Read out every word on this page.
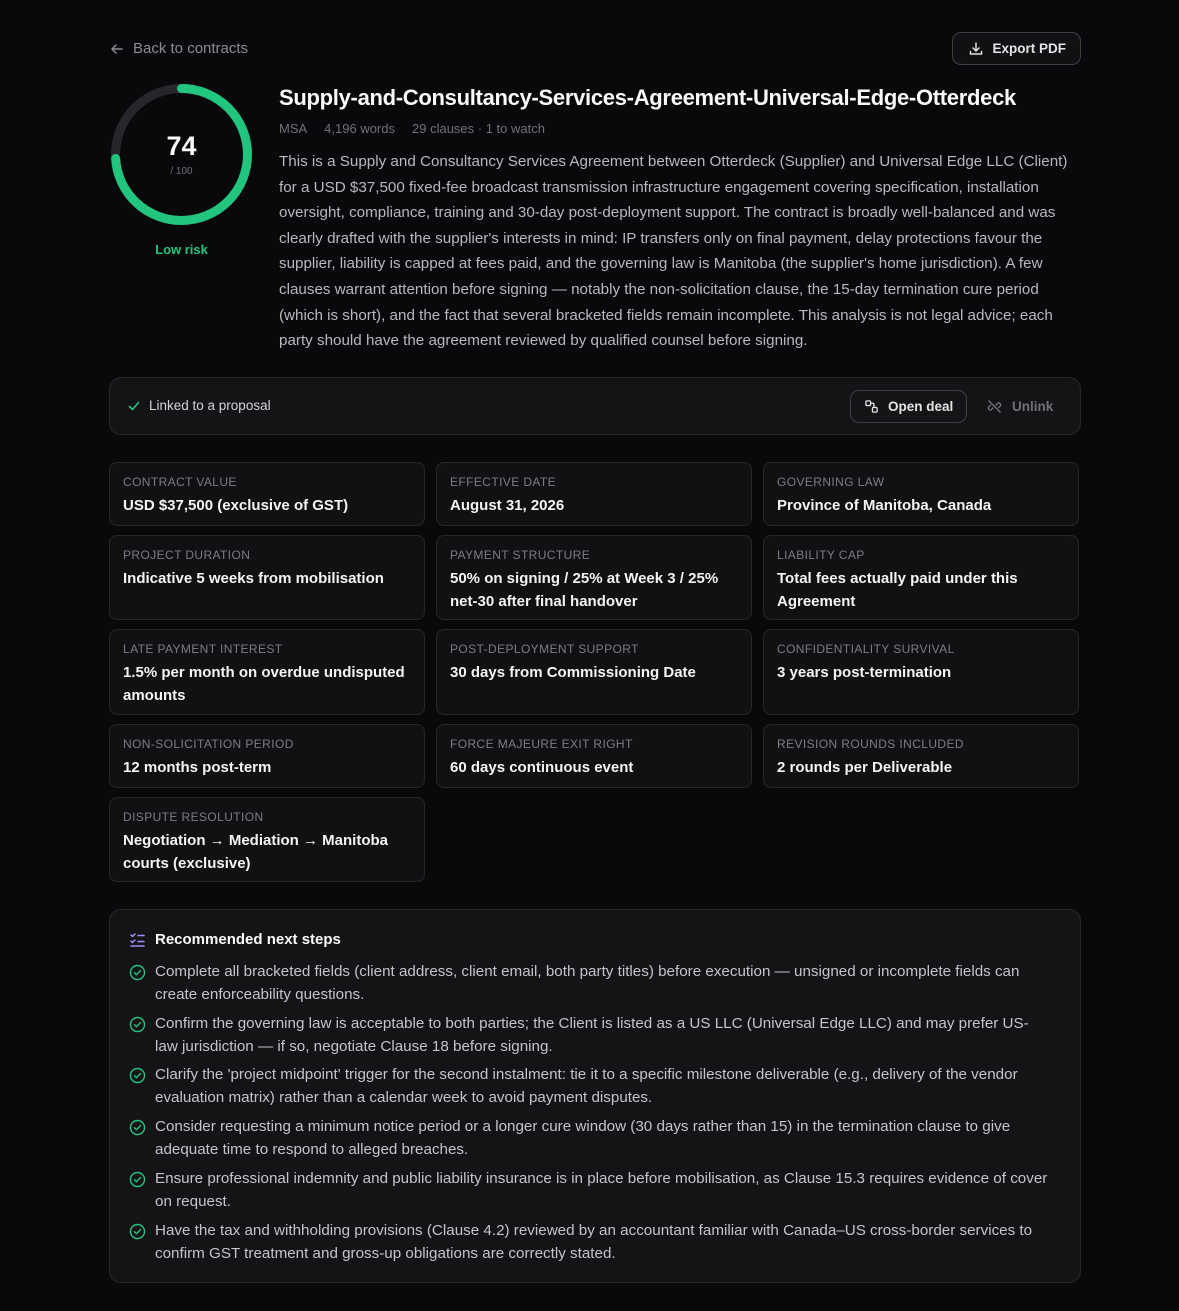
Back to contracts	Export PDF
74
/ 100
Low risk
Supply-and-Consultancy-Services-Agreement-Universal-Edge-Otterdeck
MSA 4,196 words 29 clauses · 1 to watch
This is a Supply and Consultancy Services Agreement between Otterdeck (Supplier) and Universal Edge LLC (Client) for a USD $37,500 fixed-fee broadcast transmission infrastructure engagement covering specification, installation oversight, compliance, training and 30-day post-deployment support. The contract is broadly well-balanced and was clearly drafted with the supplier's interests in mind: IP transfers only on final payment, delay protections favour the supplier, liability is capped at fees paid, and the governing law is Manitoba (the supplier's home jurisdiction). A few clauses warrant attention before signing — notably the non-solicitation clause, the 15-day termination cure period (which is short), and the fact that several bracketed fields remain incomplete. This analysis is not legal advice; each party should have the agreement reviewed by qualified counsel before signing.
Linked to a proposal	Open deal	Unlink
CONTRACT VALUE
USD $37,500 (exclusive of GST)
EFFECTIVE DATE
August 31, 2026
GOVERNING LAW
Province of Manitoba, Canada
PROJECT DURATION
Indicative 5 weeks from mobilisation
PAYMENT STRUCTURE
50% on signing / 25% at Week 3 / 25% net-30 after final handover
LIABILITY CAP
Total fees actually paid under this Agreement
LATE PAYMENT INTEREST
1.5% per month on overdue undisputed amounts
POST-DEPLOYMENT SUPPORT
30 days from Commissioning Date
CONFIDENTIALITY SURVIVAL
3 years post-termination
NON-SOLICITATION PERIOD
12 months post-term
FORCE MAJEURE EXIT RIGHT
60 days continuous event
REVISION ROUNDS INCLUDED
2 rounds per Deliverable
DISPUTE RESOLUTION
Negotiation → Mediation → Manitoba courts (exclusive)
Recommended next steps
Complete all bracketed fields (client address, client email, both party titles) before execution — unsigned or incomplete fields can create enforceability questions.
Confirm the governing law is acceptable to both parties; the Client is listed as a US LLC (Universal Edge LLC) and may prefer US-law jurisdiction — if so, negotiate Clause 18 before signing.
Clarify the 'project midpoint' trigger for the second instalment: tie it to a specific milestone deliverable (e.g., delivery of the vendor evaluation matrix) rather than a calendar week to avoid payment disputes.
Consider requesting a minimum notice period or a longer cure window (30 days rather than 15) in the termination clause to give adequate time to respond to alleged breaches.
Ensure professional indemnity and public liability insurance is in place before mobilisation, as Clause 15.3 requires evidence of cover on request.
Have the tax and withholding provisions (Clause 4.2) reviewed by an accountant familiar with Canada–US cross-border services to confirm GST treatment and gross-up obligations are correctly stated.
